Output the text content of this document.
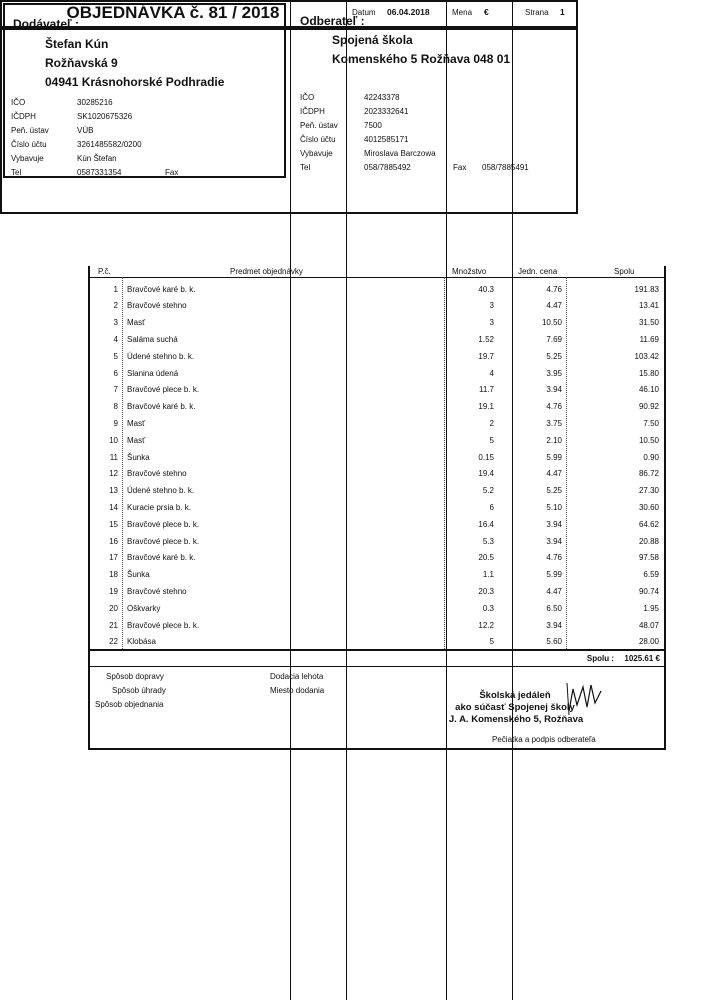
OBJEDNÁVKA č. 81 / 2018	Datum 06.04.2018	Mena €	Strana 1
Dodávateľ :
Štefan Kún
Rožňavská 9
04941 Krásnohorské Podhradie
IČO	30285216
IČDPH	SK1020675326
Peň. ústav	VÚB
Číslo účtu	3261485582/0200
Vybavuje	Kún Štefan
Tel	0587331354	Fax
Odberateľ :
Spojená škola
Komenského 5 Rožňava 048 01
IČO	42243378
IČDPH	2023332641
Peň. ústav	7500
Číslo účtu	4012585171
Vybavuje	Miroslava Barczowa
Tel	058/7885492	Fax 058/7885491
P.č.	Predmet objednávky	Množstvo	Jedn. cena	Spolu
1 Bravčové karé b. k.	40.3	4.76	191.83
2 Bravčové stehno	3	4.47	13.41
3 Masť	3	10.50	31.50
4 Saláma suchá	1.52	7.69	11.69
5 Údené stehno b. k.	19.7	5.25	103.42
6 Slanina údená	4	3.95	15.80
7 Bravčové plece b. k.	11.7	3.94	46.10
8 Bravčové karé b. k.	19.1	4.76	90.92
9 Masť	2	3.75	7.50
10 Masť	5	2.10	10.50
11 Šunka	0.15	5.99	0.90
12 Bravčové stehno	19.4	4.47	86.72
13 Údené stehno b. k.	5.2	5.25	27.30
14 Kuracie prsia b. k.	6	5.10	30.60
15 Bravčové plece b. k.	16.4	3.94	64.62
16 Bravčové plece b. k.	5.3	3.94	20.88
17 Bravčové karé b. k.	20.5	4.76	97.58
18 Šunka	1.1	5.99	6.59
19 Bravčové stehno	20.3	4.47	90.74
20 Oškvarky	0.3	6.50	1.95
21 Bravčové plece b. k.	12.2	3.94	48.07
22 Klobása	5	5.60	28.00
Spolu : 1025.61 €
Spôsob dopravy
Spôsob úhrady
Spôsob objednania
Dodacia lehota
Miesto dodania	Školská jedáleň
ako súčasť Spojenej školy
J. A. Komenského 5, Rožňava
Pečiatka a podpis odberateľa
